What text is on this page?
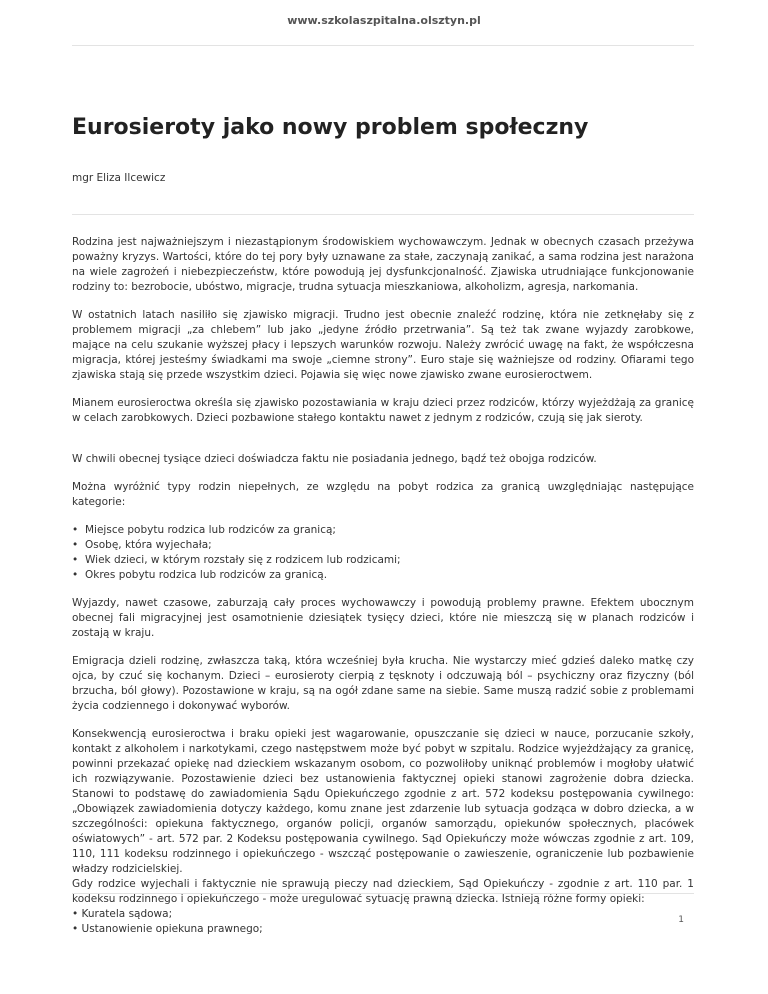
www.szkolaszpitalna.olsztyn.pl
Eurosieroty jako nowy problem społeczny
mgr Eliza Ilcewicz

Rodzina jest najważniejszym i niezastąpionym środowiskiem wychowawczym. Jednak w obecnych czasach przeżywa poważny kryzys. Wartości, które do tej pory były uznawane za stałe, zaczynają zanikać, a sama rodzina jest narażona na wiele zagrożeń i niebezpieczeństw, które powodują jej dysfunkcjonalność. Zjawiska utrudniające funkcjonowanie rodziny to: bezrobocie, ubóstwo, migracje, trudna sytuacja mieszkaniowa, alkoholizm, agresja, narkomania.

W ostatnich latach nasiliło się zjawisko migracji. Trudno jest obecnie znaleźć rodzinę, która nie zetknęłaby się z problemem migracji „za chlebem” lub jako „jedyne źródło przetrwania”. Są też tak zwane wyjazdy zarobkowe, mające na celu szukanie wyższej płacy i lepszych warunków rozwoju. Należy zwrócić uwagę na fakt, że współczesna migracja, której jesteśmy świadkami ma swoje „ciemne strony”. Euro staje się ważniejsze od rodziny. Ofiarami tego zjawiska stają się przede wszystkim dzieci. Pojawia się więc nowe zjawisko zwane eurosieroctwem.

Mianem eurosieroctwa określa się zjawisko pozostawiania w kraju dzieci przez rodziców, którzy wyjeżdżają za granicę w celach zarobkowych. Dzieci pozbawione stałego kontaktu nawet z jednym z rodziców, czują się jak sieroty.

W chwili obecnej tysiące dzieci doświadcza faktu nie posiadania jednego, bądź też obojga rodziców.

Można wyróżnić typy rodzin niepełnych, ze względu na pobyt rodzica za granicą uwzględniając następujące kategorie:

• Miejsce pobytu rodzica lub rodziców za granicą;
• Osobę, która wyjechała;
• Wiek dzieci, w którym rozstały się z rodzicem lub rodzicami;
• Okres pobytu rodzica lub rodziców za granicą.

Wyjazdy, nawet czasowe, zaburzają cały proces wychowawczy i powodują problemy prawne. Efektem ubocznym obecnej fali migracyjnej jest osamotnienie dziesiątek tysięcy dzieci, które nie mieszczą się w planach rodziców i zostają w kraju.

Emigracja dzieli rodzinę, zwłaszcza taką, która wcześniej była krucha. Nie wystarczy mieć gdzieś daleko matkę czy ojca, by czuć się kochanym. Dzieci – eurosieroty cierpią z tęsknoty i odczuwają ból – psychiczny oraz fizyczny (ból brzucha, ból głowy). Pozostawione w kraju, są na ogół zdane same na siebie. Same muszą radzić sobie z problemami życia codziennego i dokonywać wyborów.

Konsekwencją eurosieroctwa i braku opieki jest wagarowanie, opuszczanie się dzieci w nauce, porzucanie szkoły, kontakt z alkoholem i narkotykami, czego następstwem może być pobyt w szpitalu. Rodzice wyjeżdżający za granicę, powinni przekazać opiekę nad dzieckiem wskazanym osobom, co pozwoliłoby uniknąć problemów i mogłoby ułatwić ich rozwiązywanie. Pozostawienie dzieci bez ustanowienia faktycznej opieki stanowi zagrożenie dobra dziecka. Stanowi to podstawę do zawiadomienia Sądu Opiekuńczego zgodnie z art. 572 kodeksu postępowania cywilnego: „Obowiązek zawiadomienia dotyczy każdego, komu znane jest zdarzenie lub sytuacja godząca w dobro dziecka, a w szczególności: opiekuna faktycznego, organów policji, organów samorządu, opiekunów społecznych, placówek oświatowych” - art. 572 par. 2 Kodeksu postępowania cywilnego. Sąd Opiekuńczy może wówczas zgodnie z art. 109, 110, 111 kodeksu rodzinnego i opiekuńczego - wszcząć postępowanie o zawieszenie, ograniczenie lub pozbawienie władzy rodzicielskiej.

Gdy rodzice wyjechali i faktycznie nie sprawują pieczy nad dzieckiem, Sąd Opiekuńczy - zgodnie z art. 110 par. 1 kodeksu rodzinnego i opiekuńczego - może uregulować sytuację prawną dziecka. Istnieją różne formy opieki:

• Kuratela sądowa;
• Ustanowienie opiekuna prawnego;
1
